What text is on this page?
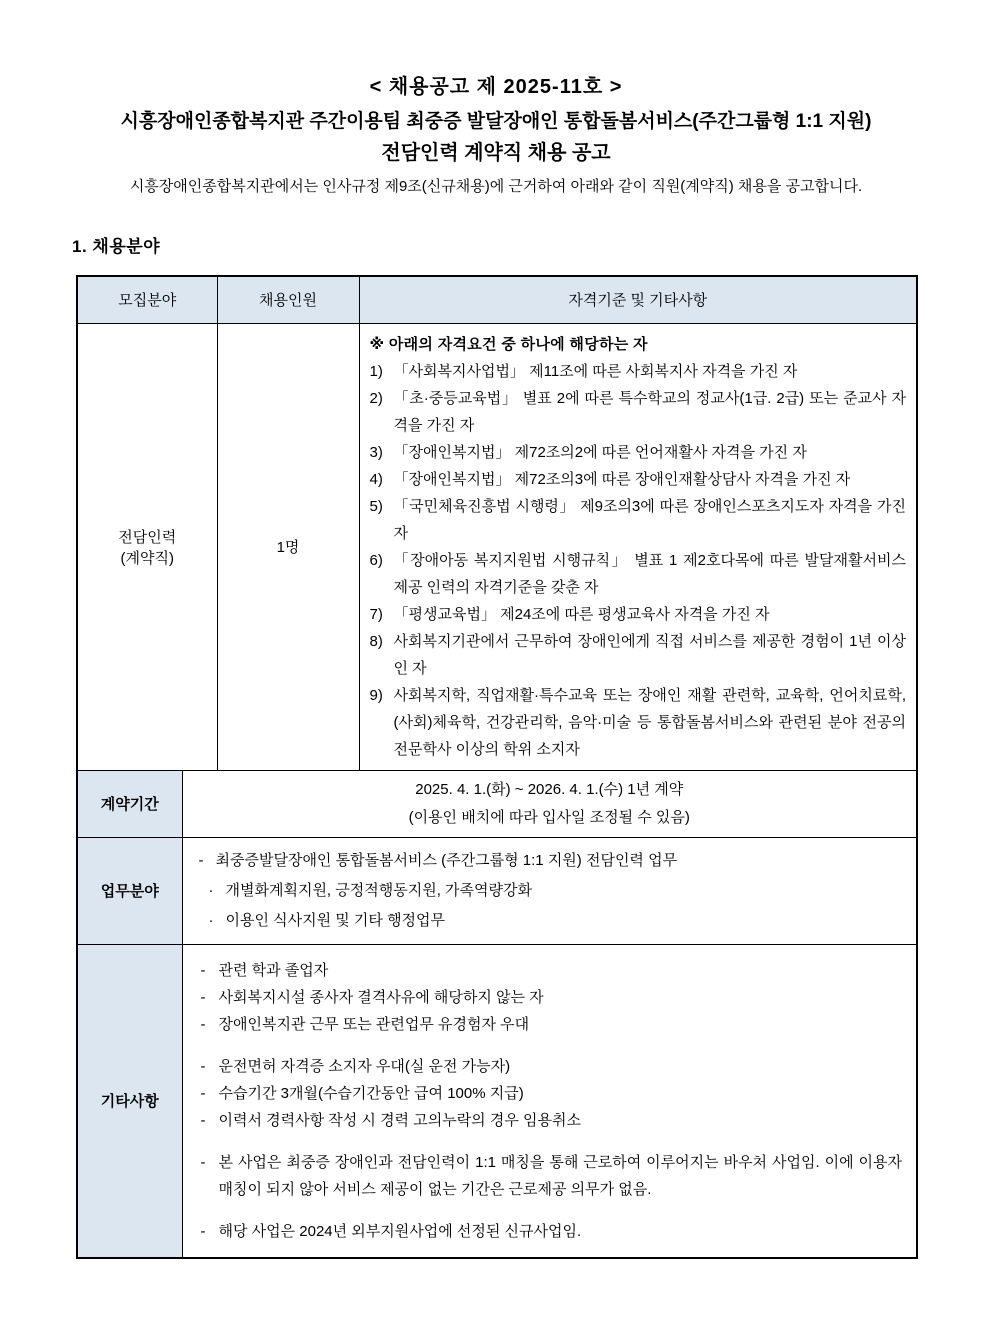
< 채용공고 제 2025-11호 >
시흥장애인종합복지관 주간이용팀 최중증 발달장애인 통합돌봄서비스(주간그룹형 1:1 지원)
전담인력 계약직 채용 공고
시흥장애인종합복지관에서는 인사규정 제9조(신규채용)에 근거하여 아래와 같이 직원(계약직) 채용을 공고합니다.
1. 채용분야
모집분야		채용인원	자격기준 및 기타사항

전담인력
(계약직)
	1명	
※ 아래의 자격요건 중 하나에 해당하는 자
1) 「사회복지사업법」 제11조에 따른 사회복지사 자격을 가진 자
2) 「초·중등교육법」 별표 2에 따른 특수학교의 정교사(1급. 2급) 또는 준교사 자격을 가진 자
3) 「장애인복지법」 제72조의2에 따른 언어재활사 자격을 가진 자
4) 「장애인복지법」 제72조의3에 따른 장애인재활상담사 자격을 가진 자
5) 「국민체육진흥법 시행령」 제9조의3에 따른 장애인스포츠지도자 자격을 가진 자
6) 「장애아동 복지지원법 시행규칙」 별표 1 제2호다목에 따른 발달재활서비스 제공 인력의 자격기준을 갖춘 자
7) 「평생교육법」 제24조에 따른 평생교육사 자격을 가진 자
8) 사회복지기관에서 근무하여 장애인에게 직접 서비스를 제공한 경험이 1년 이상인 자
9) 사회복지학, 직업재활·특수교육 또는 장애인 재활 관련학, 교육학, 언어치료학, (사회)체육학, 건강관리학, 음악·미술 등 통합돌봄서비스와 관련된 분야 전공의 전문학사 이상의 학위 소지자

계약기간	2025. 4. 1.(화) ~ 2026. 4. 1.(수) 1년 계약
(이용인 배치에 따라 입사일 조정될 수 있음)		

업무분야	
- 최중증발달장애인 통합돌봄서비스 (주간그룹형 1:1 지원) 전담인력 업무
· 개별화계획지원, 긍정적행동지원, 가족역량강화
· 이용인 식사지원 및 기타 행정업무

기타사항	
- 관련 학과 졸업자
- 사회복지시설 종사자 결격사유에 해당하지 않는 자
- 장애인복지관 근무 또는 관련업무 유경험자 우대
- 운전면허 자격증 소지자 우대(실 운전 가능자)
- 수습기간 3개월(수습기간동안 급여 100% 지급)
- 이력서 경력사항 작성 시 경력 고의누락의 경우 임용취소
- 본 사업은 최중증 장애인과 전담인력이 1:1 매칭을 통해 근로하여 이루어지는 바우처 사업임. 이에 이용자 매칭이 되지 않아 서비스 제공이 없는 기간은 근로제공 의무가 없음.
- 해당 사업은 2024년 외부지원사업에 선정된 신규사업임.
